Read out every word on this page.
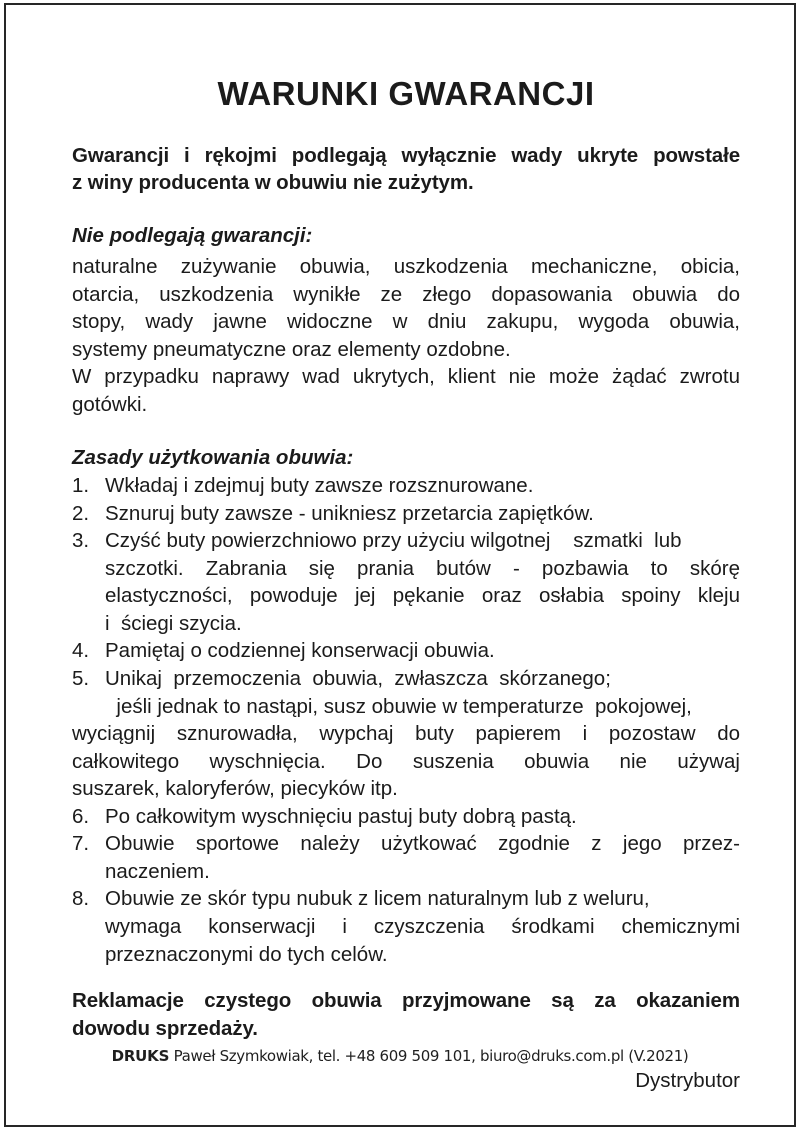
WARUNKI GWARANCJI

Gwarancji i rękojmi podlegają wyłącznie wady ukryte powstałe
z winy producenta w obuwiu nie zużytym.

Nie podlegają gwarancji:

naturalne zużywanie obuwia, uszkodzenia mechaniczne, obicia,
otarcia, uszkodzenia wynikłe ze złego dopasowania obuwia do
stopy, wady jawne widoczne w dniu zakupu, wygoda obuwia,
systemy pneumatyczne oraz elementy ozdobne.
W przypadku naprawy wad ukrytych, klient nie może żądać zwrotu
gotówki.

Zasady użytkowania obuwia:
1. Wkładaj i zdejmuj buty zawsze rozsznurowane.
2. Sznuruj buty zawsze - unikniesz przetarcia zapiętków.
3. Czyść buty powierzchniowo przy użyciu wilgotnej    szmatki  lub
szczotki.  Zabrania  się  prania  butów  -  pozbawia  to  skórę
elastyczności, powoduje jej pękanie oraz osłabia spoiny kleju
i  ściegi szycia.
4. Pamiętaj o codziennej konserwacji obuwia.
5. Unikaj  przemoczenia  obuwia,  zwłaszcza  skórzanego;
jeśli jednak to nastąpi, susz obuwie w temperaturze  pokojowej,
wyciągnij  sznurowadła,  wypchaj  buty  papierem  i  pozostaw  do
całkowitego  wyschnięcia.  Do  suszenia  obuwia  nie  używaj
suszarek, kaloryferów, piecyków itp.
6. Po całkowitym wyschnięciu pastuj buty dobrą pastą.
7. Obuwie  sportowe  należy  użytkować  zgodnie  z  jego  przez-
naczeniem.
8. Obuwie ze skór typu nubuk z licem naturalnym lub z weluru,
wymaga  konserwacji  i  czyszczenia  środkami  chemicznymi
przeznaczonymi do tych celów.

Reklamacje czystego obuwia przyjmowane są za okazaniem
dowodu sprzedaży.

Dystrybutor

DRUKS Paweł Szymkowiak, tel. +48 609 509 101, biuro@druks.com.pl (V.2021)
